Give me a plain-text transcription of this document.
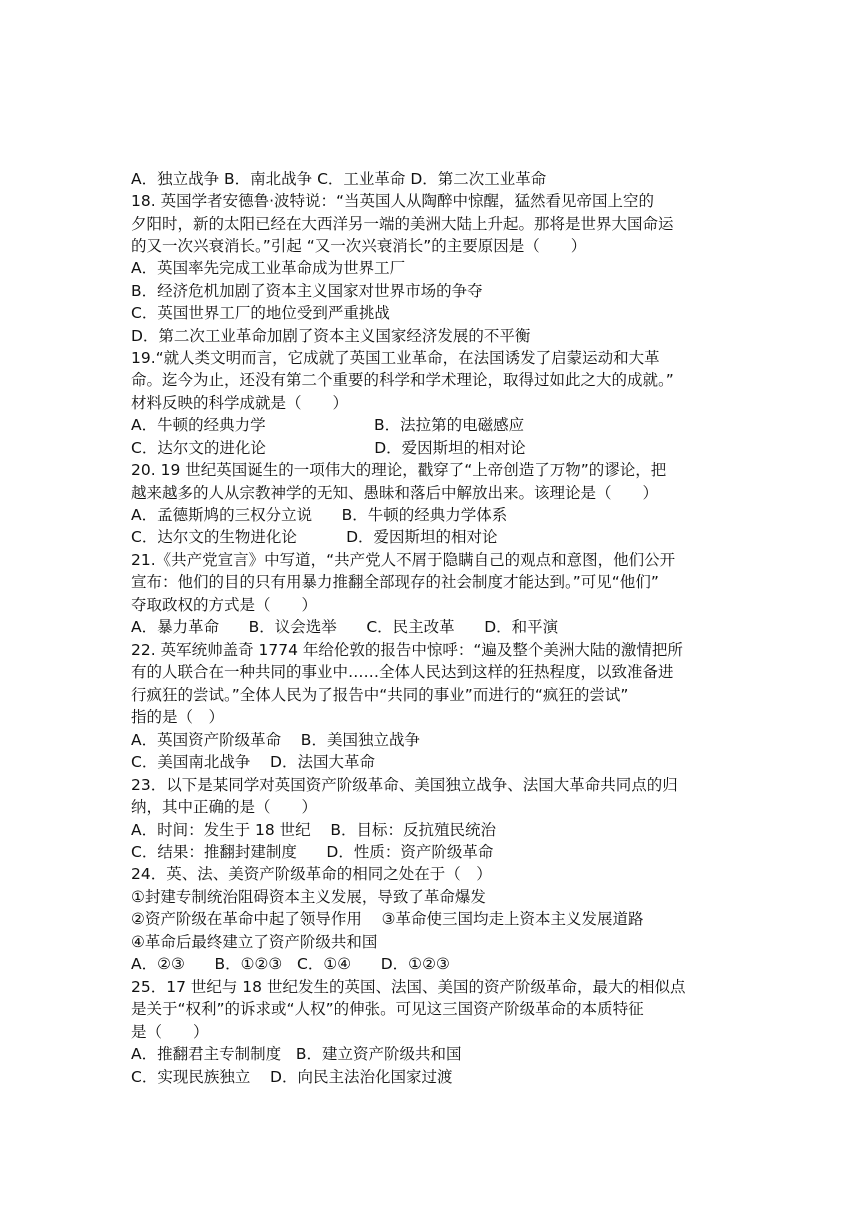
A．独立战争 B．南北战争 C．工业革命 D．第二次工业革命
18. 英国学者安德鲁·波特说：“当英国人从陶醉中惊醒，猛然看见帝国上空的
夕阳时，新的太阳已经在大西洋另一端的美洲大陆上升起。那将是世界大国命运
的又一次兴衰消长。”引起 “又一次兴衰消长”的主要原因是（　　）
A．英国率先完成工业革命成为世界工厂
B．经济危机加剧了资本主义国家对世界市场的争夺
C．英国世界工厂的地位受到严重挑战
D．第二次工业革命加剧了资本主义国家经济发展的不平衡
19.“就人类文明而言，它成就了英国工业革命，在法国诱发了启蒙运动和大革
命。迄今为止，还没有第二个重要的科学和学术理论，取得过如此之大的成就。”
材料反映的科学成就是（　　）
A．牛顿的经典力学                      B．法拉第的电磁感应
C．达尔文的进化论                      D．爱因斯坦的相对论
20. 19 世纪英国诞生的一项伟大的理论，戳穿了“上帝创造了万物”的谬论，把
越来越多的人从宗教神学的无知、愚昧和落后中解放出来。该理论是（　　）
A．孟德斯鸠的三权分立说      B．牛顿的经典力学体系
C．达尔文的生物进化论          D．爱因斯坦的相对论
21.《共产党宣言》中写道，“共产党人不屑于隐瞒自己的观点和意图，他们公开
宣布：他们的目的只有用暴力推翻全部现存的社会制度才能达到。”可见“他们”
夺取政权的方式是（　　）
A．暴力革命      B．议会选举      C．民主改革      D．和平演
22. 英军统帅盖奇 1774 年给伦敦的报告中惊呼：“遍及整个美洲大陆的激情把所
有的人联合在一种共同的事业中……全体人民达到这样的狂热程度，以致准备进
行疯狂的尝试。”全体人民为了报告中“共同的事业”而进行的“疯狂的尝试”
指的是（　）
A．英国资产阶级革命    B．美国独立战争
C．美国南北战争    D．法国大革命
23．以下是某同学对英国资产阶级革命、美国独立战争、法国大革命共同点的归
纳，其中正确的是（　　）
A．时间：发生于 18 世纪    B．目标：反抗殖民统治
C．结果：推翻封建制度      D．性质：资产阶级革命
24．英、法、美资产阶级革命的相同之处在于（　）
①封建专制统治阻碍资本主义发展，导致了革命爆发
②资产阶级在革命中起了领导作用    ③革命使三国均走上资本主义发展道路
④革命后最终建立了资产阶级共和国
A．②③      B．①②③   C．①④      D．①②③
25．17 世纪与 18 世纪发生的英国、法国、美国的资产阶级革命，最大的相似点
是关于“权利”的诉求或“人权”的伸张。可见这三国资产阶级革命的本质特征
是（　　）
A．推翻君主专制制度   B．建立资产阶级共和国
C．实现民族独立    D．向民主法治化国家过渡
